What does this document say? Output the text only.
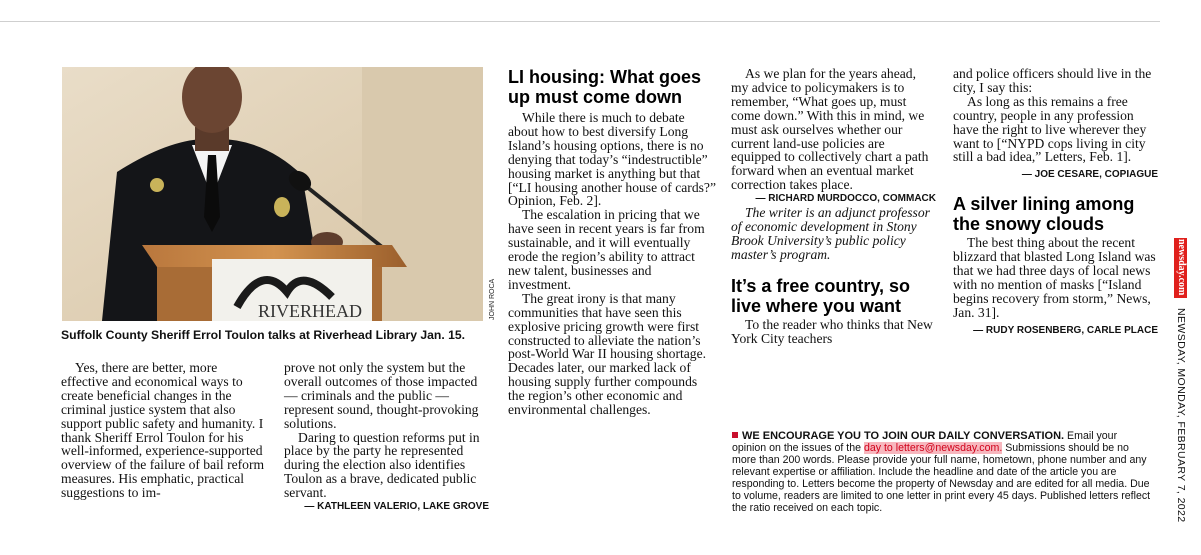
RIVERHEAD	JOHN ROCA
Suffolk County Sheriff Errol Toulon talks at Riverhead Library Jan. 15.

Yes, there are better, more effective and economical ways to create beneficial changes in the criminal justice system that also support public safety and humanity. I thank Sheriff Errol Toulon for his well-informed, experience-supported overview of the failure of bail reform measures. His emphatic, practical suggestions to im-

prove not only the system but the overall outcomes of those impacted — criminals and the public — represent sound, thought-provoking solutions.

Daring to question reforms put in place by the party he represented during the election also identifies Toulon as a brave, dedicated public servant.

— KATHLEEN VALERIO, LAKE GROVE

LI housing: What goes up must come down

While there is much to debate about how to best diversify Long Island’s housing options, there is no denying that today’s “indestructible” housing market is anything but that [“LI housing another house of cards?” Opinion, Feb. 2].

The escalation in pricing that we have seen in recent years is far from sustainable, and it will eventually erode the region’s ability to attract new talent, businesses and investment.

The great irony is that many communities that have seen this explosive pricing growth were first constructed to alleviate the nation’s post-World War II housing shortage. Decades later, our marked lack of housing supply further compounds the region’s other economic and environmental challenges.

As we plan for the years ahead, my advice to policymakers is to remember, “What goes up, must come down.” With this in mind, we must ask ourselves whether our current land-use policies are equipped to collectively chart a path forward when an eventual market correction takes place.

— RICHARD MURDOCCO, COMMACK

The writer is an adjunct professor of economic development in Stony Brook University’s public policy master’s program.

It’s a free country, so live where you want

To the reader who thinks that New York City teachers

and police officers should live in the city, I say this:

As long as this remains a free country, people in any profession have the right to live wherever they want to [“NYPD cops living in city still a bad idea,” Letters, Feb. 1].

— JOE CESARE, COPIAGUE

A silver lining among the snowy clouds

The best thing about the recent blizzard that blasted Long Island was that we had three days of local news with no mention of masks [“Island begins recovery from storm,” News, Jan. 31].

— RUDY ROSENBERG, CARLE PLACE

WE ENCOURAGE YOU TO JOIN OUR DAILY CONVERSATION. Email your opinion on the issues of the day to letters@newsday.com. Submissions should be no more than 200 words. Please provide your full name, hometown, phone number and any relevant expertise or affiliation. Include the headline and date of the article you are responding to. Letters become the property of Newsday and are edited for all media. Due to volume, readers are limited to one letter in print every 45 days. Published letters reflect the ratio received on each topic.
newsday.com
NEWSDAY, MONDAY, FEBRUARY 7, 2022
